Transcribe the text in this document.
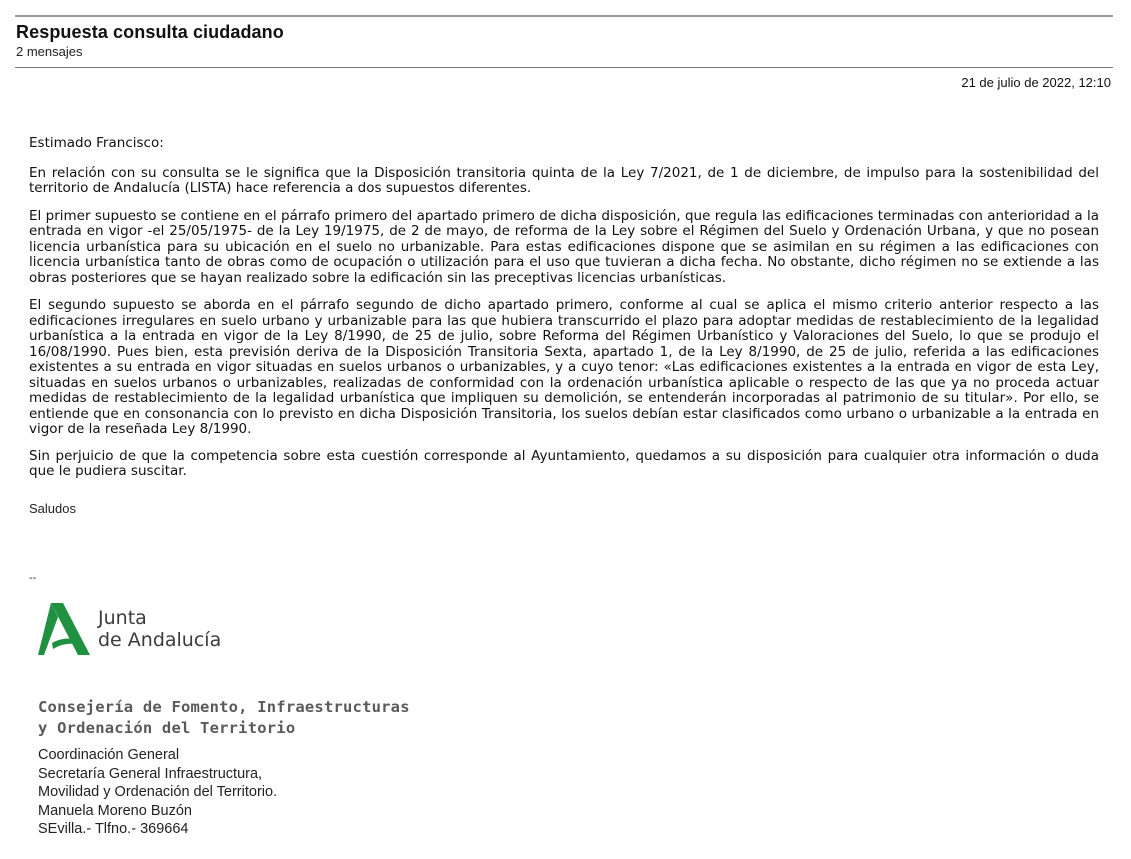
Respuesta consulta ciudadano
2 mensajes
21 de julio de 2022, 12:10

Estimado Francisco:

En relación con su consulta se le significa que la Disposición transitoria quinta de la Ley 7/2021, de 1 de diciembre, de impulso para la sostenibilidad del territorio de Andalucía (LISTA) hace referencia a dos supuestos diferentes.

El primer supuesto se contiene en el párrafo primero del apartado primero de dicha disposición, que regula las edificaciones terminadas con anterioridad a la entrada en vigor -el 25/05/1975- de la Ley 19/1975, de 2 de mayo, de reforma de la Ley sobre el Régimen del Suelo y Ordenación Urbana, y que no posean licencia urbanística para su ubicación en el suelo no urbanizable. Para estas edificaciones dispone que se asimilan en su régimen a las edificaciones con licencia urbanística tanto de obras como de ocupación o utilización para el uso que tuvieran a dicha fecha. No obstante, dicho régimen no se extiende a las obras posteriores que se hayan realizado sobre la edificación sin las preceptivas licencias urbanísticas.

El segundo supuesto se aborda en el párrafo segundo de dicho apartado primero, conforme al cual se aplica el mismo criterio anterior respecto a las edificaciones irregulares en suelo urbano y urbanizable para las que hubiera transcurrido el plazo para adoptar medidas de restablecimiento de la legalidad urbanística a la entrada en vigor de la Ley 8/1990, de 25 de julio, sobre Reforma del Régimen Urbanístico y Valoraciones del Suelo, lo que se produjo el 16/08/1990. Pues bien, esta previsión deriva de la Disposición Transitoria Sexta, apartado 1, de la Ley 8/1990, de 25 de julio, referida a las edificaciones existentes a su entrada en vigor situadas en suelos urbanos o urbanizables, y a cuyo tenor: «Las edificaciones existentes a la entrada en vigor de esta Ley, situadas en suelos urbanos o urbanizables, realizadas de conformidad con la ordenación urbanística aplicable o respecto de las que ya no proceda actuar medidas de restablecimiento de la legalidad urbanística que impliquen su demolición, se entenderán incorporadas al patrimonio de su titular». Por ello, se entiende que en consonancia con lo previsto en dicha Disposición Transitoria, los suelos debían estar clasificados como urbano o urbanizable a la entrada en vigor de la reseñada Ley 8/1990.

Sin perjuicio de que la competencia sobre esta cuestión corresponde al Ayuntamiento, quedamos a su disposición para cualquier otra información o duda que le pudiera suscitar.

Saludos
--
Junta
de Andalucía
Consejería de Fomento, Infraestructuras
y Ordenación del Territorio
Coordinación General
Secretaría General Infraestructura,
Movilidad y Ordenación del Territorio.
Manuela Moreno Buzón
SEvilla.- Tlfno.- 369664
